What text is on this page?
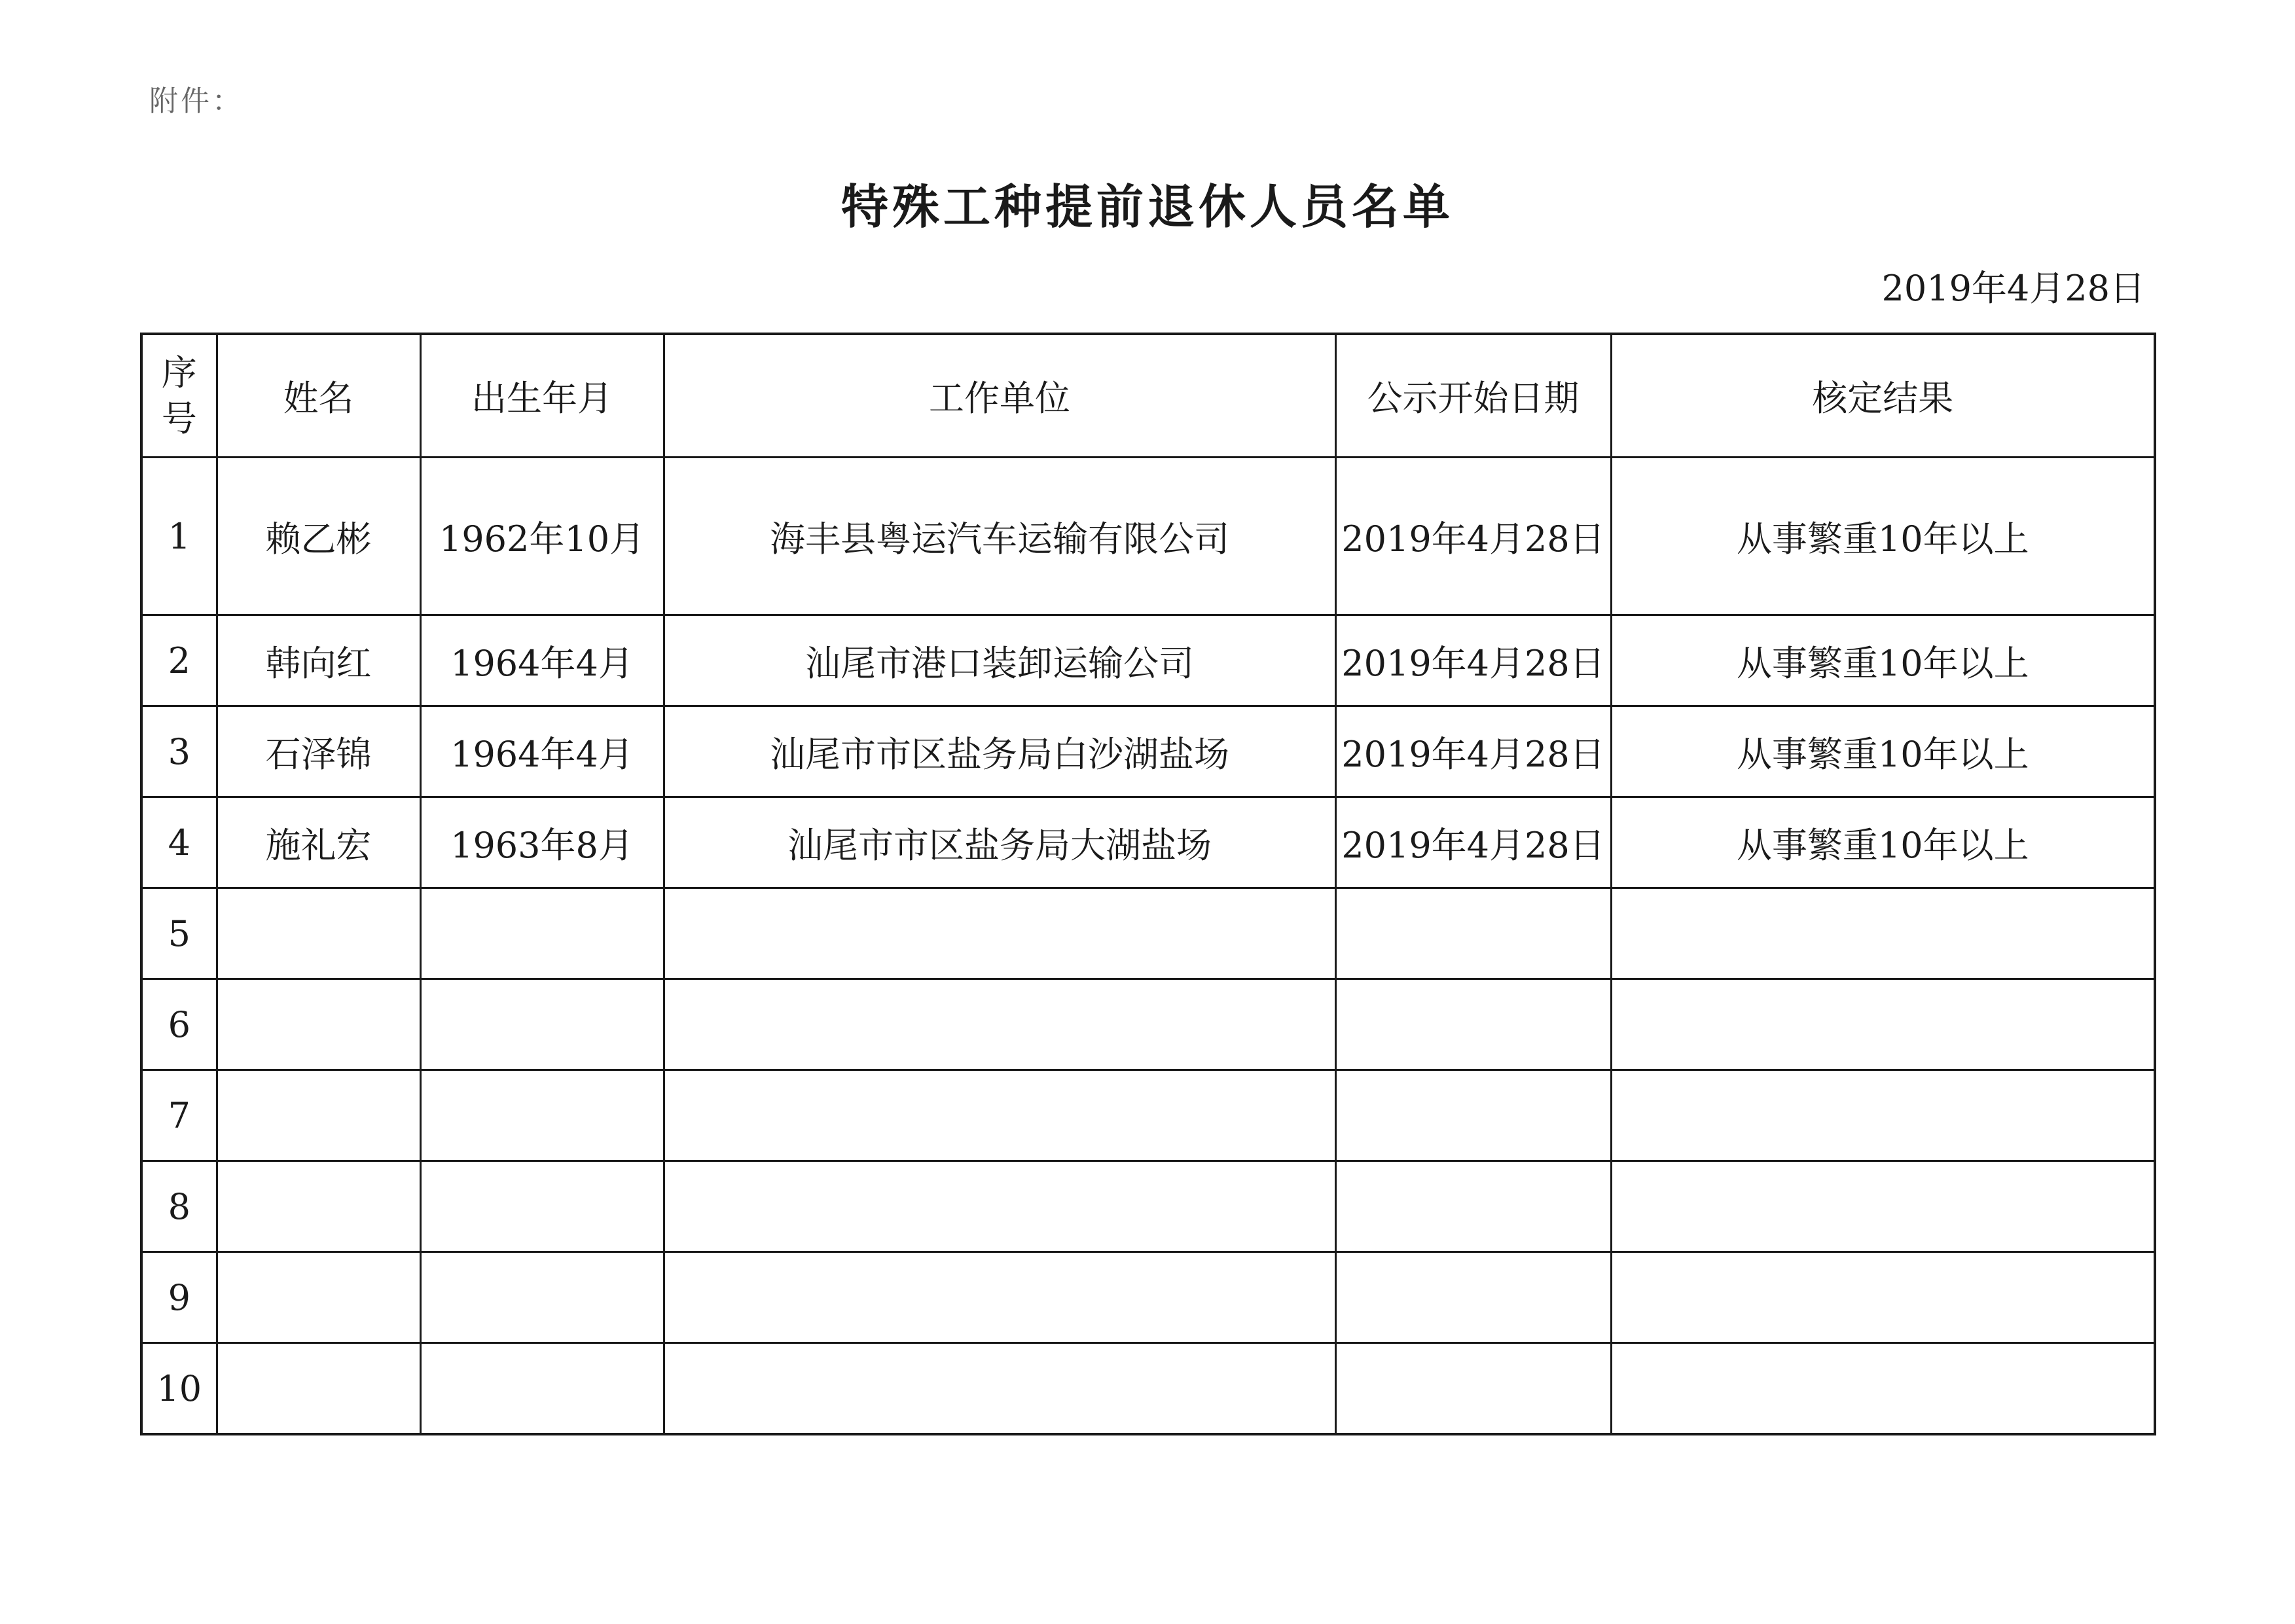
附件：
特殊工种提前退休人员名单
2019年4月28日
序
号	姓名	出生年月	工作单位	公示开始日期	核定结果
1	赖乙彬	1962年10月	海丰县粤运汽车运输有限公司	2019年4月28日	从事繁重10年以上
2	韩向红	1964年4月	汕尾市港口装卸运输公司	2019年4月28日	从事繁重10年以上
3	石泽锦	1964年4月	汕尾市市区盐务局白沙湖盐场	2019年4月28日	从事繁重10年以上
4	施礼宏	1963年8月	汕尾市市区盐务局大湖盐场	2019年4月28日	从事繁重10年以上
5					
6					
7					
8					
9					
10					
